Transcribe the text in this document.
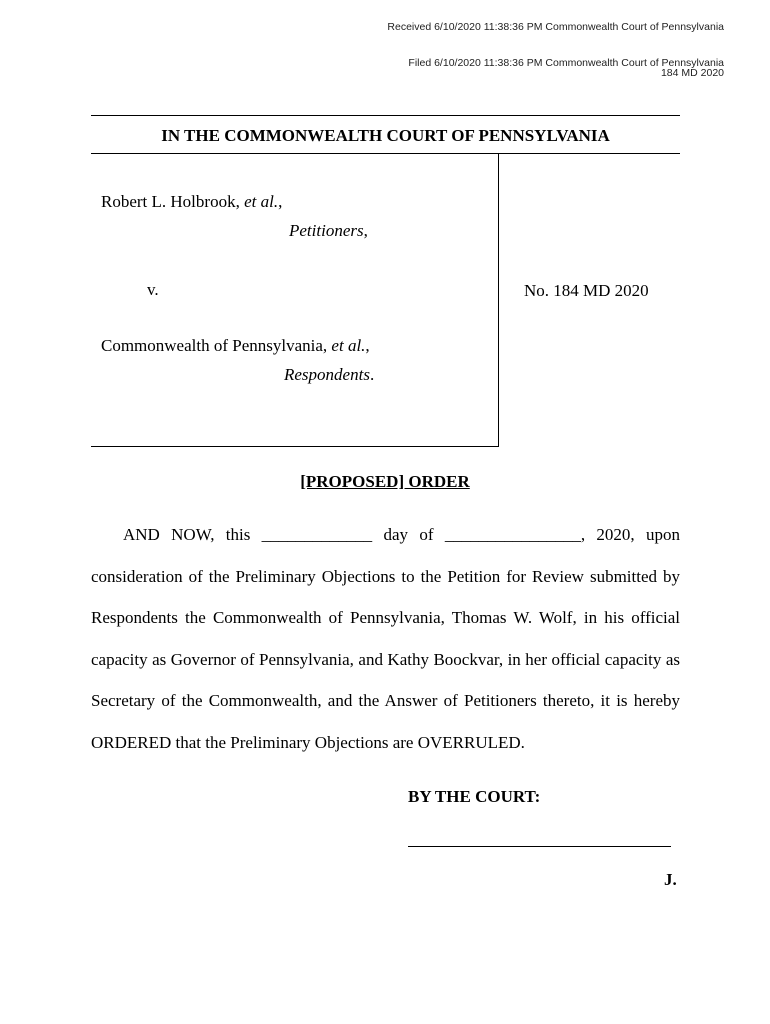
Received 6/10/2020 11:38:36 PM Commonwealth Court of Pennsylvania
Filed 6/10/2020 11:38:36 PM Commonwealth Court of Pennsylvania
184 MD 2020
IN THE COMMONWEALTH COURT OF PENNSYLVANIA
Robert L. Holbrook, et al.,
Petitioners,
v.
Commonwealth of Pennsylvania, et al.,
Respondents.
No. 184 MD 2020
[PROPOSED] ORDER
AND NOW, this _____________ day of ________________, 2020, upon consideration of the Preliminary Objections to the Petition for Review submitted by Respondents the Commonwealth of Pennsylvania, Thomas W. Wolf, in his official capacity as Governor of Pennsylvania, and Kathy Boockvar, in her official capacity as Secretary of the Commonwealth, and the Answer of Petitioners thereto, it is hereby ORDERED that the Preliminary Objections are OVERRULED.
BY THE COURT:
J.
